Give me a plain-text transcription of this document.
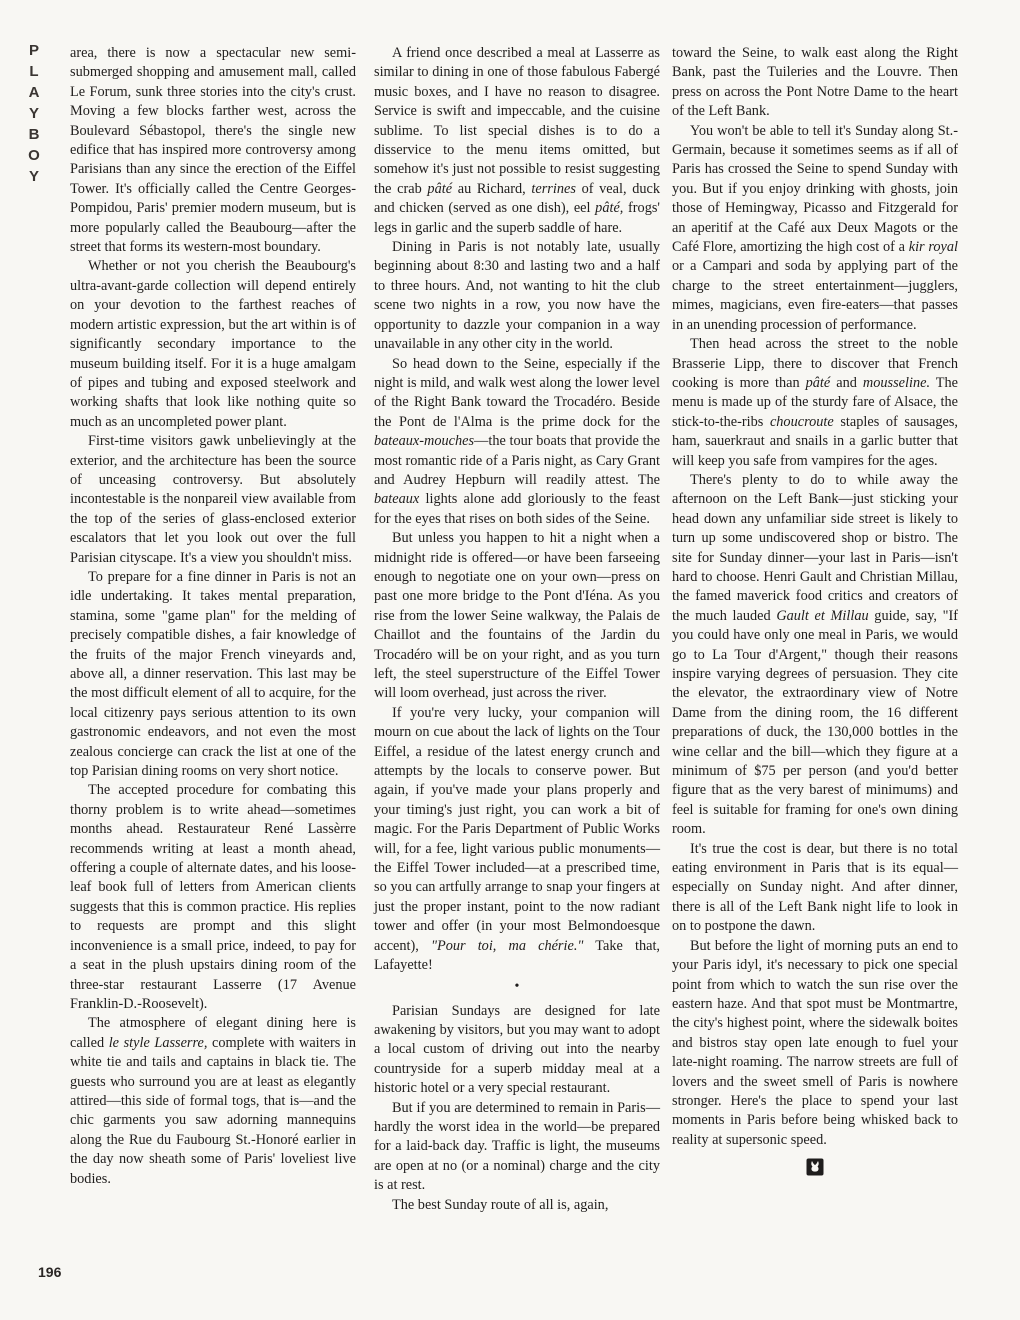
P
L
A
Y
B
O
Y
196

area, there is now a spectacular new semi-submerged shopping and amusement mall, called Le Forum, sunk three stories into the city's crust. Moving a few blocks farther west, across the Boulevard Sébastopol, there's the single new edifice that has inspired more controversy among Parisians than any since the erection of the Eiffel Tower. It's officially called the Centre Georges-Pompidou, Paris' premier modern museum, but is more popularly called the Beaubourg—after the street that forms its western-most boundary.

Whether or not you cherish the Beaubourg's ultra-avant-garde collection will depend entirely on your devotion to the farthest reaches of modern artistic expression, but the art within is of significantly secondary importance to the museum building itself. For it is a huge amalgam of pipes and tubing and exposed steelwork and working shafts that look like nothing quite so much as an uncompleted power plant.

First-time visitors gawk unbelievingly at the exterior, and the architecture has been the source of unceasing controversy. But absolutely incontestable is the nonpareil view available from the top of the series of glass-enclosed exterior escalators that let you look out over the full Parisian cityscape. It's a view you shouldn't miss.

To prepare for a fine dinner in Paris is not an idle undertaking. It takes mental preparation, stamina, some "game plan" for the melding of precisely compatible dishes, a fair knowledge of the fruits of the major French vineyards and, above all, a dinner reservation. This last may be the most difficult element of all to acquire, for the local citizenry pays serious attention to its own gastronomic endeavors, and not even the most zealous concierge can crack the list at one of the top Parisian dining rooms on very short notice.

The accepted procedure for combating this thorny problem is to write ahead—sometimes months ahead. Restaurateur René Lassèrre recommends writing at least a month ahead, offering a couple of alternate dates, and his loose-leaf book full of letters from American clients suggests that this is common practice. His replies to requests are prompt and this slight inconvenience is a small price, indeed, to pay for a seat in the plush upstairs dining room of the three-star restaurant Lasserre (17 Avenue Franklin-D.-Roosevelt).

The atmosphere of elegant dining here is called le style Lasserre, complete with waiters in white tie and tails and captains in black tie. The guests who surround you are at least as elegantly attired—this side of formal togs, that is—and the chic garments you saw adorning mannequins along the Rue du Faubourg St.-Honoré earlier in the day now sheath some of Paris' loveliest live bodies.

A friend once described a meal at Lasserre as similar to dining in one of those fabulous Fabergé music boxes, and I have no reason to disagree. Service is swift and impeccable, and the cuisine sublime. To list special dishes is to do a disservice to the menu items omitted, but somehow it's just not possible to resist suggesting the crab pâté au Richard, terrines of veal, duck and chicken (served as one dish), eel pâté, frogs' legs in garlic and the superb saddle of hare.

Dining in Paris is not notably late, usually beginning about 8:30 and lasting two and a half to three hours. And, not wanting to hit the club scene two nights in a row, you now have the opportunity to dazzle your companion in a way unavailable in any other city in the world.

So head down to the Seine, especially if the night is mild, and walk west along the lower level of the Right Bank toward the Trocadéro. Beside the Pont de l'Alma is the prime dock for the bateaux-mouches—the tour boats that provide the most romantic ride of a Paris night, as Cary Grant and Audrey Hepburn will readily attest. The bateaux lights alone add gloriously to the feast for the eyes that rises on both sides of the Seine.

But unless you happen to hit a night when a midnight ride is offered—or have been farseeing enough to negotiate one on your own—press on past one more bridge to the Pont d'Iéna. As you rise from the lower Seine walkway, the Palais de Chaillot and the fountains of the Jardin du Trocadéro will be on your right, and as you turn left, the steel superstructure of the Eiffel Tower will loom overhead, just across the river.

If you're very lucky, your companion will mourn on cue about the lack of lights on the Tour Eiffel, a residue of the latest energy crunch and attempts by the locals to conserve power. But again, if you've made your plans properly and your timing's just right, you can work a bit of magic. For the Paris Department of Public Works will, for a fee, light various public monuments—the Eiffel Tower included—at a prescribed time, so you can artfully arrange to snap your fingers at just the proper instant, point to the now radiant tower and offer (in your most Belmondoesque accent), "Pour toi, ma chérie." Take that, Lafayette!

•

Parisian Sundays are designed for late awakening by visitors, but you may want to adopt a local custom of driving out into the nearby countryside for a superb midday meal at a historic hotel or a very special restaurant.

But if you are determined to remain in Paris—hardly the worst idea in the world—be prepared for a laid-back day. Traffic is light, the museums are open at no (or a nominal) charge and the city is at rest.

The best Sunday route of all is, again,

toward the Seine, to walk east along the Right Bank, past the Tuileries and the Louvre. Then press on across the Pont Notre Dame to the heart of the Left Bank.

You won't be able to tell it's Sunday along St.-Germain, because it sometimes seems as if all of Paris has crossed the Seine to spend Sunday with you. But if you enjoy drinking with ghosts, join those of Hemingway, Picasso and Fitzgerald for an aperitif at the Café aux Deux Magots or the Café Flore, amortizing the high cost of a kir royal or a Campari and soda by applying part of the charge to the street entertainment—jugglers, mimes, magicians, even fire-eaters—that passes in an unending procession of performance.

Then head across the street to the noble Brasserie Lipp, there to discover that French cooking is more than pâté and mousseline. The menu is made up of the sturdy fare of Alsace, the stick-to-the-ribs choucroute staples of sausages, ham, sauerkraut and snails in a garlic butter that will keep you safe from vampires for the ages.

There's plenty to do to while away the afternoon on the Left Bank—just sticking your head down any unfamiliar side street is likely to turn up some undiscovered shop or bistro. The site for Sunday dinner—your last in Paris—isn't hard to choose. Henri Gault and Christian Millau, the famed maverick food critics and creators of the much lauded Gault et Millau guide, say, "If you could have only one meal in Paris, we would go to La Tour d'Argent," though their reasons inspire varying degrees of persuasion. They cite the elevator, the extraordinary view of Notre Dame from the dining room, the 16 different preparations of duck, the 130,000 bottles in the wine cellar and the bill—which they figure at a minimum of $75 per person (and you'd better figure that as the very barest of minimums) and feel is suitable for framing for one's own dining room.

It's true the cost is dear, but there is no total eating environment in Paris that is its equal—especially on Sunday night. And after dinner, there is all of the Left Bank night life to look in on to postpone the dawn.

But before the light of morning puts an end to your Paris idyl, it's necessary to pick one special point from which to watch the sun rise over the eastern haze. And that spot must be Montmartre, the city's highest point, where the sidewalk boites and bistros stay open late enough to fuel your late-night roaming. The narrow streets are full of lovers and the sweet smell of Paris is nowhere stronger. Here's the place to spend your last moments in Paris before being whisked back to reality at supersonic speed.
